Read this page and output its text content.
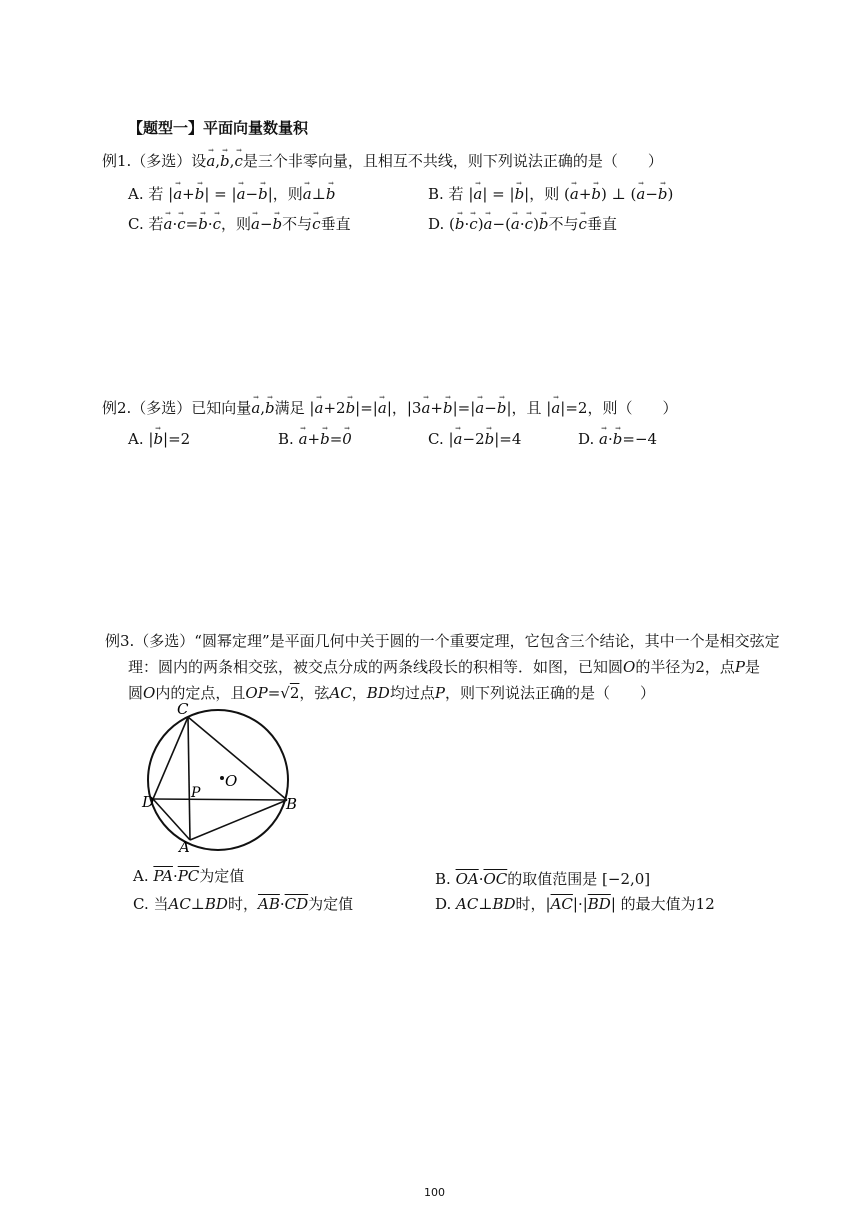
【题型一】平面向量数量积
例1.（多选）设→ a,→ b,→ c是三个非零向量，且相互不共线，则下列说法正确的是（　　）
A. 若 |→ a+→ b| = |→ a−→ b|，则→ a⊥→ b	B. 若 |→ a| = |→ b|，则 (→ a+→ b) ⊥ (→ a−→ b)
C. 若→ a·→ c=→ b·→ c，则→ a−→ b不与→ c垂直	D. (→ b·→ c)→ a−(→ a·→ c)→ b不与→ c垂直
例2.（多选）已知向量→ a,→ b满足 |→ a+2→ b|=|→ a|，|3→ a+→ b|=|→ a−→ b|，且 |→ a|=2，则（　　）
A. |→ b|=2	B. → a+→ b=→ 0	C. |→ a−2→ b|=4	D. → a·→ b=−4
例3.（多选）“圆幂定理”是平面几何中关于圆的一个重要定理，它包含三个结论，其中一个是相交弦定
理：圆内的两条相交弦，被交点分成的两条线段长的积相等．如图，已知圆O的半径为2，点P是
圆O内的定点，且OP=√2，弦AC，BD均过点P，则下列说法正确的是（　　）
C
D	P
O
B
A
A. $\overline{PA}\cdot\overline{PC}$为定值	B. $\overline{OA}\cdot\overline{OC}$的取值范围是 [−2,0]
C. 当AC⊥BD时，$\overline{AB}\cdot\overline{CD}$为定值	D. AC⊥BD时，$|\overline{AC}|\cdot|\overline{BD}|$ 的最大值为12
100
